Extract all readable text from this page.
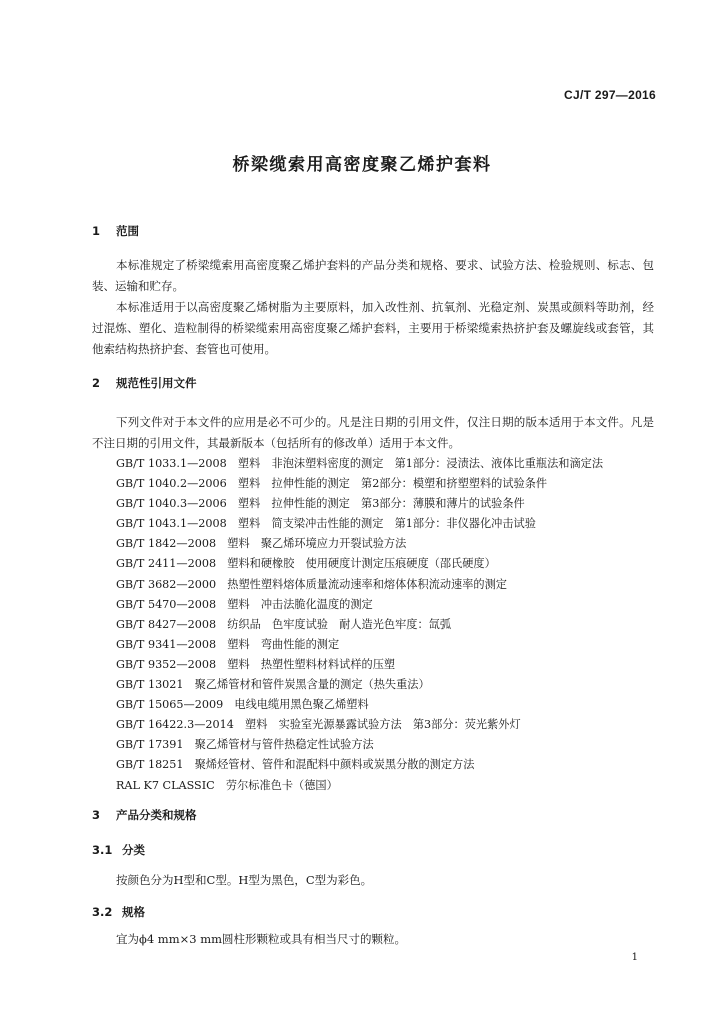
CJ/T 297—2016
桥梁缆索用高密度聚乙烯护套料
1 范围
本标准规定了桥梁缆索用高密度聚乙烯护套料的产品分类和规格、要求、试验方法、检验规则、标志、包装、运输和贮存。
本标准适用于以高密度聚乙烯树脂为主要原料，加入改性剂、抗氧剂、光稳定剂、炭黑或颜料等助剂，经过混炼、塑化、造粒制得的桥梁缆索用高密度聚乙烯护套料，主要用于桥梁缆索热挤护套及螺旋线或套管，其他索结构热挤护套、套管也可使用。
2 规范性引用文件
下列文件对于本文件的应用是必不可少的。凡是注日期的引用文件，仅注日期的版本适用于本文件。凡是不注日期的引用文件，其最新版本（包括所有的修改单）适用于本文件。
GB/T 1033.1—2008　塑料　非泡沫塑料密度的测定　第1部分：浸渍法、液体比重瓶法和滴定法
GB/T 1040.2—2006　塑料　拉伸性能的测定　第2部分：模塑和挤塑塑料的试验条件
GB/T 1040.3—2006　塑料　拉伸性能的测定　第3部分：薄膜和薄片的试验条件
GB/T 1043.1—2008　塑料　简支梁冲击性能的测定　第1部分：非仪器化冲击试验
GB/T 1842—2008　塑料　聚乙烯环境应力开裂试验方法
GB/T 2411—2008　塑料和硬橡胶　使用硬度计测定压痕硬度（邵氏硬度）
GB/T 3682—2000　热塑性塑料熔体质量流动速率和熔体体积流动速率的测定
GB/T 5470—2008　塑料　冲击法脆化温度的测定
GB/T 8427—2008　纺织品　色牢度试验　耐人造光色牢度：氙弧
GB/T 9341—2008　塑料　弯曲性能的测定
GB/T 9352—2008　塑料　热塑性塑料材料试样的压塑
GB/T 13021　聚乙烯管材和管件炭黑含量的测定（热失重法）
GB/T 15065—2009　电线电缆用黑色聚乙烯塑料
GB/T 16422.3—2014　塑料　实验室光源暴露试验方法　第3部分：荧光紫外灯
GB/T 17391　聚乙烯管材与管件热稳定性试验方法
GB/T 18251　聚烯烃管材、管件和混配料中颜料或炭黑分散的测定方法
RAL K7 CLASSIC　劳尔标准色卡（德国）
3 产品分类和规格
3.1 分类
按颜色分为H型和C型。H型为黑色，C型为彩色。
3.2 规格
宜为ϕ4 mm×3 mm圆柱形颗粒或具有相当尺寸的颗粒。
1
